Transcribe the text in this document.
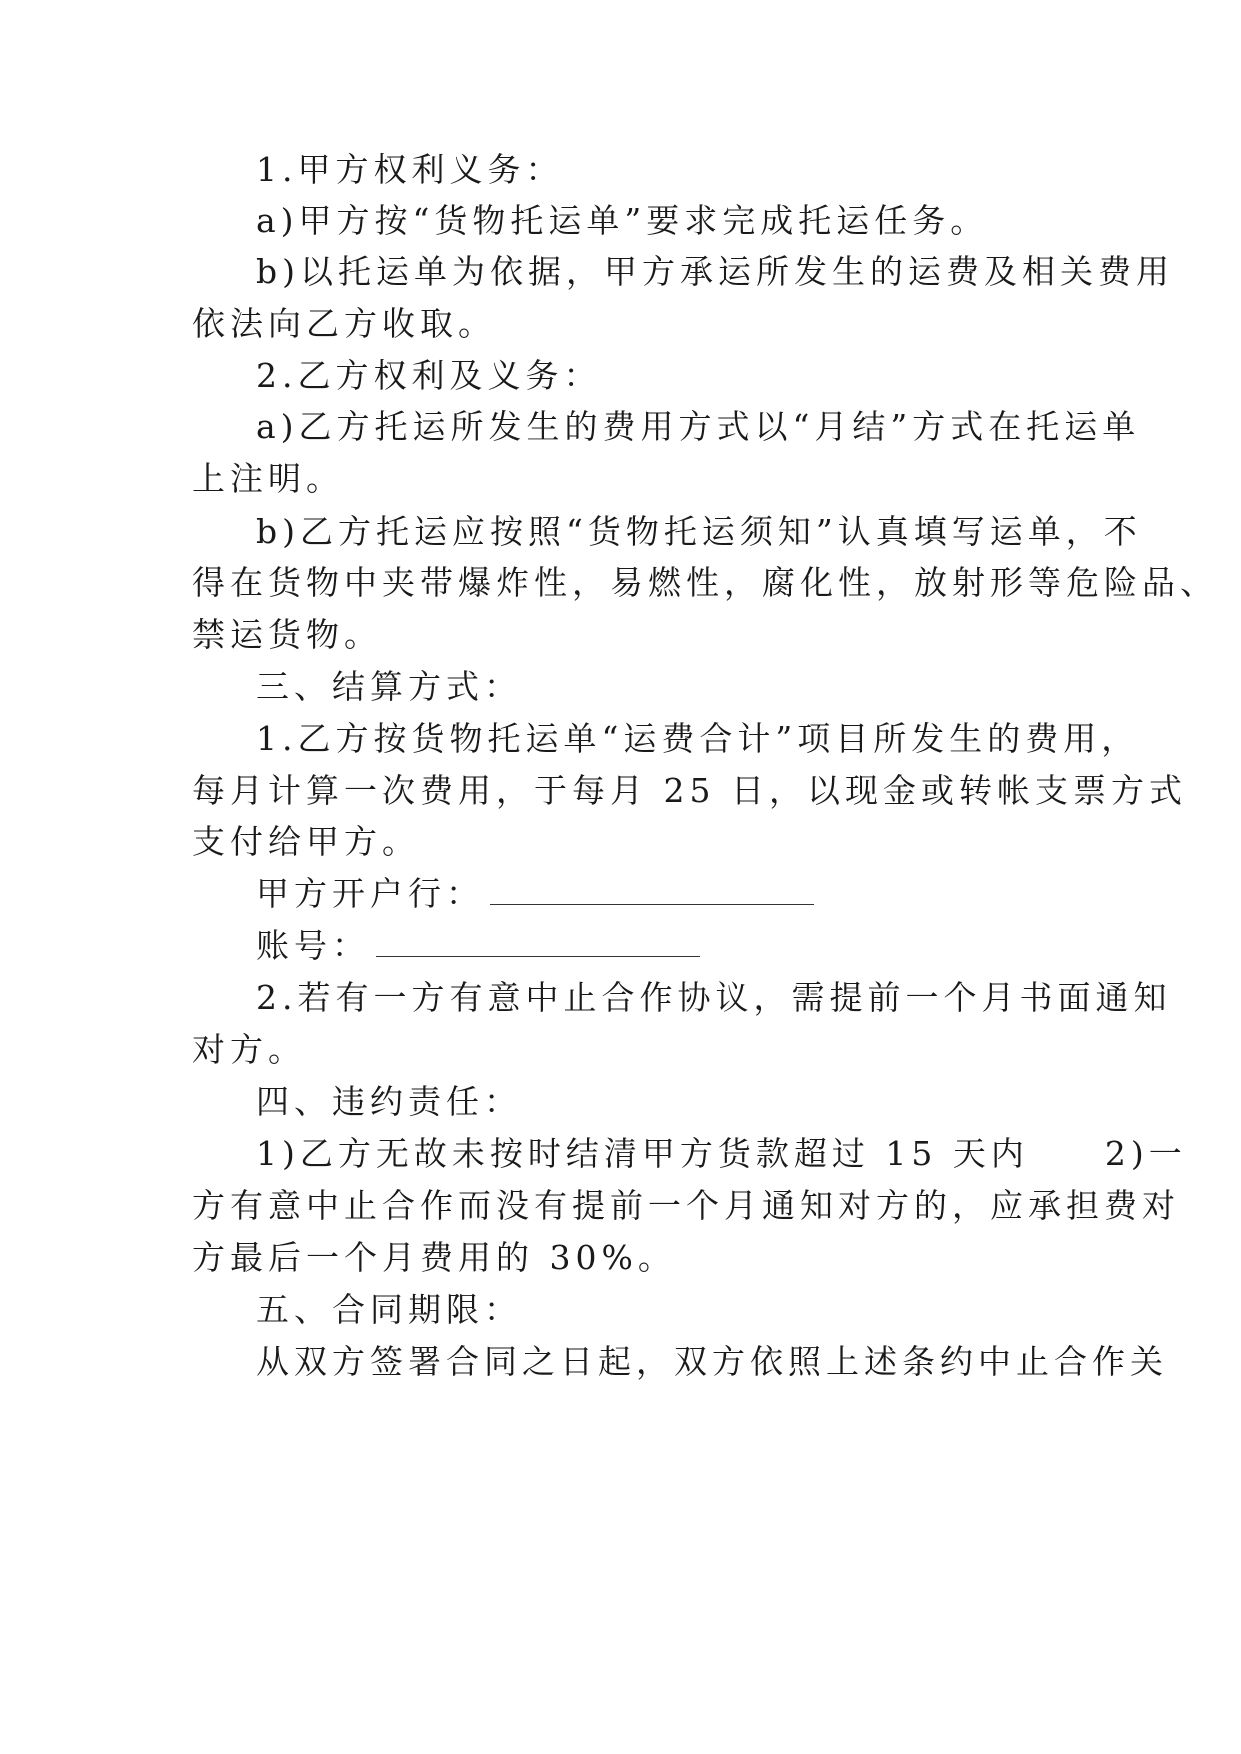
1.甲方权利义务：
a)甲方按“货物托运单”要求完成托运任务。
b)以托运单为依据，甲方承运所发生的运费及相关费用
依法向乙方收取。
2.乙方权利及义务：
a)乙方托运所发生的费用方式以“月结”方式在托运单
上注明。
b)乙方托运应按照“货物托运须知”认真填写运单，不
得在货物中夹带爆炸性，易燃性，腐化性，放射形等危险品、
禁运货物。
三、结算方式：
1.乙方按货物托运单“运费合计”项目所发生的费用，
每月计算一次费用，于每月 25 日，以现金或转帐支票方式
支付给甲方。
甲方开户行：
账号：
2.若有一方有意中止合作协议，需提前一个月书面通知
对方。
四、违约责任：
1)乙方无故未按时结清甲方货款超过 15 天内　　2)一
方有意中止合作而没有提前一个月通知对方的，应承担费对
方最后一个月费用的 30%。
五、合同期限：
从双方签署合同之日起，双方依照上述条约中止合作关
